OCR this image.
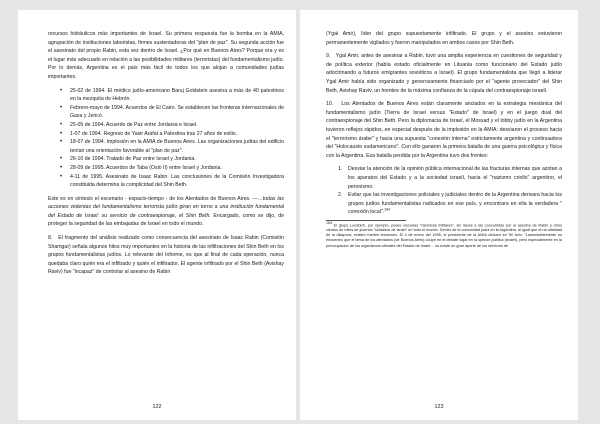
recursos hidráulicos más importantes de Israel. Su primera respuesta fue la bomba en la AMIA, agrupación de instituciones laboristas, firmes sustentadoras del "plan de paz". Su segunda acción fue el asesinato del propio Rabin, esta vez dentro de Israel. ¿Por qué en Buenos Aires? Porque era y es el lugar más adecuado en relación a las posibilidades militares (terroristas) del fundamentalismo judío. Por lo demás, Argentina es el país más fácil de todos los que alojan a comunidades judías importantes.

• 25-02 de 1994. El médico judío-americano Baruj Goldstein asesina a más de 40 palestinos en la mezquita de Hebrón.
• Febrero-mayo de 1994. Acuerdos de El Cairo. Se establecen las fronteras internacionales de Gaza y Jericó.
• 25-05 de 1994. Acuerdo de Paz entre Jordania e Israel.
• 1-07 de 1994. Regreso de Yasir Arafat a Palestina tras 27 años de exilio.
• 18-07 de 1994. Implosión en la AMIA de Buenos Aires. Las organizaciones judías del edificio tenían una orientación favorable al "plan de paz".
• 26-10 de 1994. Tratado de Paz entre Israel y Jordania.
• 28-09 de 1995. Acuerdos de Taba (Oslo II) entre Israel y Jordania.
• 4-11 de 1995. Asesinato de Isaac Rabin. Las conclusiones de la Comisión Investigadora constituida determina la complicidad del Shin Beth.

Este es en síntesis el escenario - espacio-tiempo - de los Atentados de Buenos Aires. —…todas las acciones violentas del fundamentalismo terrorista judío giran en torno a una institución fundamental del Estado de Israel: su servicio de contraespionaje, el Shin Beth. Encargado, como se dijo, de proteger la seguridad de las embajadas de Israel en todo el mundo.

8. El fragmento del análisis realizado como consecuencia del asesinato de Isaac Rabin (Comisión Shamgar) señala algunos hitos muy importantes en la historia de las infiltraciones del Shin Beth en los grupos fundamentalistas judíos. Lo relevante del Informe, es que al final de cada operación, nunca quedaba claro quién era el infiltrado y quién el infiltrador. El agente infiltrado por el Shin Beth (Avishay Raviv) fue "incapaz" de controlar al asesino de Rabin

122

(Ygal Amir), líder del grupo supuestamente infiltrado. El grupo y el asesino estuvieron permanentemente vigilados y fueron manipulados en ambos casos por Shin Beth.

9. Ygal Amir, antes de asesinar a Rabin, tuvo una amplia experiencia en cuestiones de seguridad y de política exterior (había estado oficialmente en Lituania como funcionario del Estado judío adoctrinando a futuros emigrantes soviéticos a Israel). El grupo fundamentalista que llegó a liderar Ygal Amir había sido organizado y generosamente financiado por el "agente provocador" del Shin Beth, Avishay Raviv, un hombre de la máxima confianza de la cúpula del contraespionaje israelí.

10. Los Atentados de Buenos Aires están claramente anclados en la estrategia mesiánica del fundamentalismo judío (Tierra de Israel versus "Estado" de Israel) y en el juego dual del contraespionaje del Shin Beth. Pero la diplomacia de Israel, el Mossad y el lobby judío en la Argentina tuvieron reflejos rápidos, en especial después de la implosión en la AMIA: desviaron el proceso hacia el "terrorismo árabe" y hacia una supuesta "conexión interna" estrictamente argentina y continuadora del "Holocausto sudamericano". Con ello ganaron la primera batalla de una guerra psicológica y física con la Argentina. Esa batalla perdida por la Argentina tuvo dos frentes:

1. Desviar la atención de la opinión pública internacional de las fracturas internas que azotan a los aparatos del Estado y a la sociedad israelí, hacia el "nazismo criollo" argentino, el peronismo.
2. Evitar que las investigaciones policiales y judiciales dentro de la Argentina derivara hacia los grupos judíos fundamentalistas radicados en ese país, y encontrara en ella la verdadera " conexión local".$^{164}$

$^{164}$ El grupo Lucabich, por ejemplo, posee escuelas "rabínicas militares", sin llaves a las concurridas por el asesino de Rabin y otros cientos de miles de jóvenes "soldados de Israel" en todo el mundo. Dentro de la comunidad judía en la Argentina, al igual que en la totalidad de la diáspora, existen fuertes tensiones. El 4 de enero del 1996, el presidente de la AMIA declaró en Tel Aviv: "Lamentablemente no encuentro que el tema de los atentados (de Buenos Aires) ocupe en el debate lugar en la opinión pública (israelí), pero especialmente en la preocupación de los organismos oficiales del Estado de Israel… no existe un gran aporte de los servicios de

123
